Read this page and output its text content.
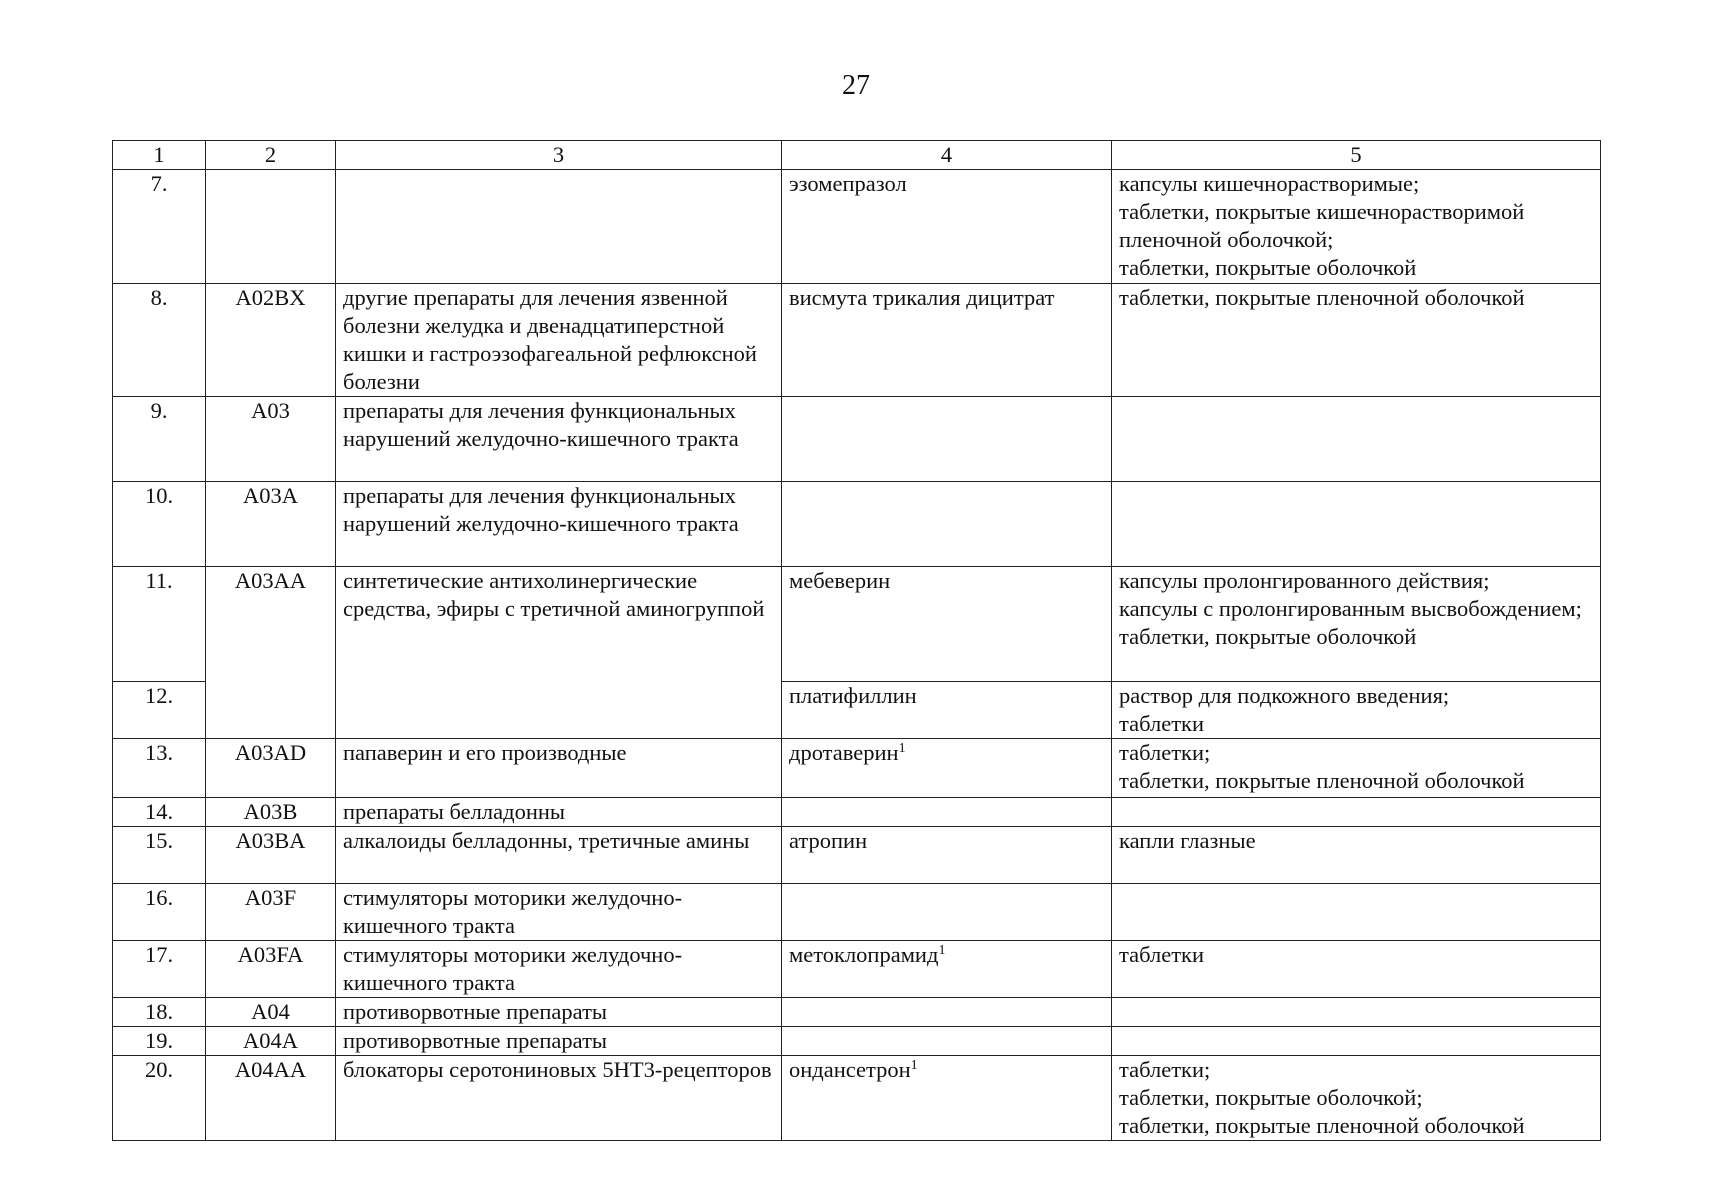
27
1	2	3	4	5
7.			эзомепразол	капсулы кишечнорастворимые;
таблетки, покрытые кишечнорастворимой пленочной оболочкой;
таблетки, покрытые оболочкой
8.	A02BX	другие препараты для лечения язвенной болезни желудка и двенадцатиперстной кишки и гастроэзофагеальной рефлюксной болезни	висмута трикалия дицитрат	таблетки, покрытые пленочной оболочкой
9.	A03	препараты для лечения функциональных нарушений желудочно-кишечного тракта		
10.	A03A	препараты для лечения функциональных нарушений желудочно-кишечного тракта		
11.	A03AA	синтетические антихолинергические средства, эфиры с третичной аминогруппой	мебеверин	капсулы пролонгированного действия;
капсулы с пролонгированным высвобождением;
таблетки, покрытые оболочкой
12.			платифиллин	раствор для подкожного введения;
таблетки
13.	A03AD	папаверин и его производные	дротаверин$^1$	таблетки;
таблетки, покрытые пленочной оболочкой
14.	A03B	препараты белладонны		
15.	A03BA	алкалоиды белладонны, третичные амины	атропин	капли глазные
16.	A03F	стимуляторы моторики желудочно-кишечного тракта		
17.	A03FA	стимуляторы моторики желудочно-кишечного тракта	метоклопрамид$^1$	таблетки
18.	A04	противорвотные препараты		
19.	A04A	противорвотные препараты		
20.	A04AA	блокаторы серотониновых 5HT3-рецепторов	ондансетрон$^1$	таблетки;
таблетки, покрытые оболочкой;
таблетки, покрытые пленочной оболочкой
